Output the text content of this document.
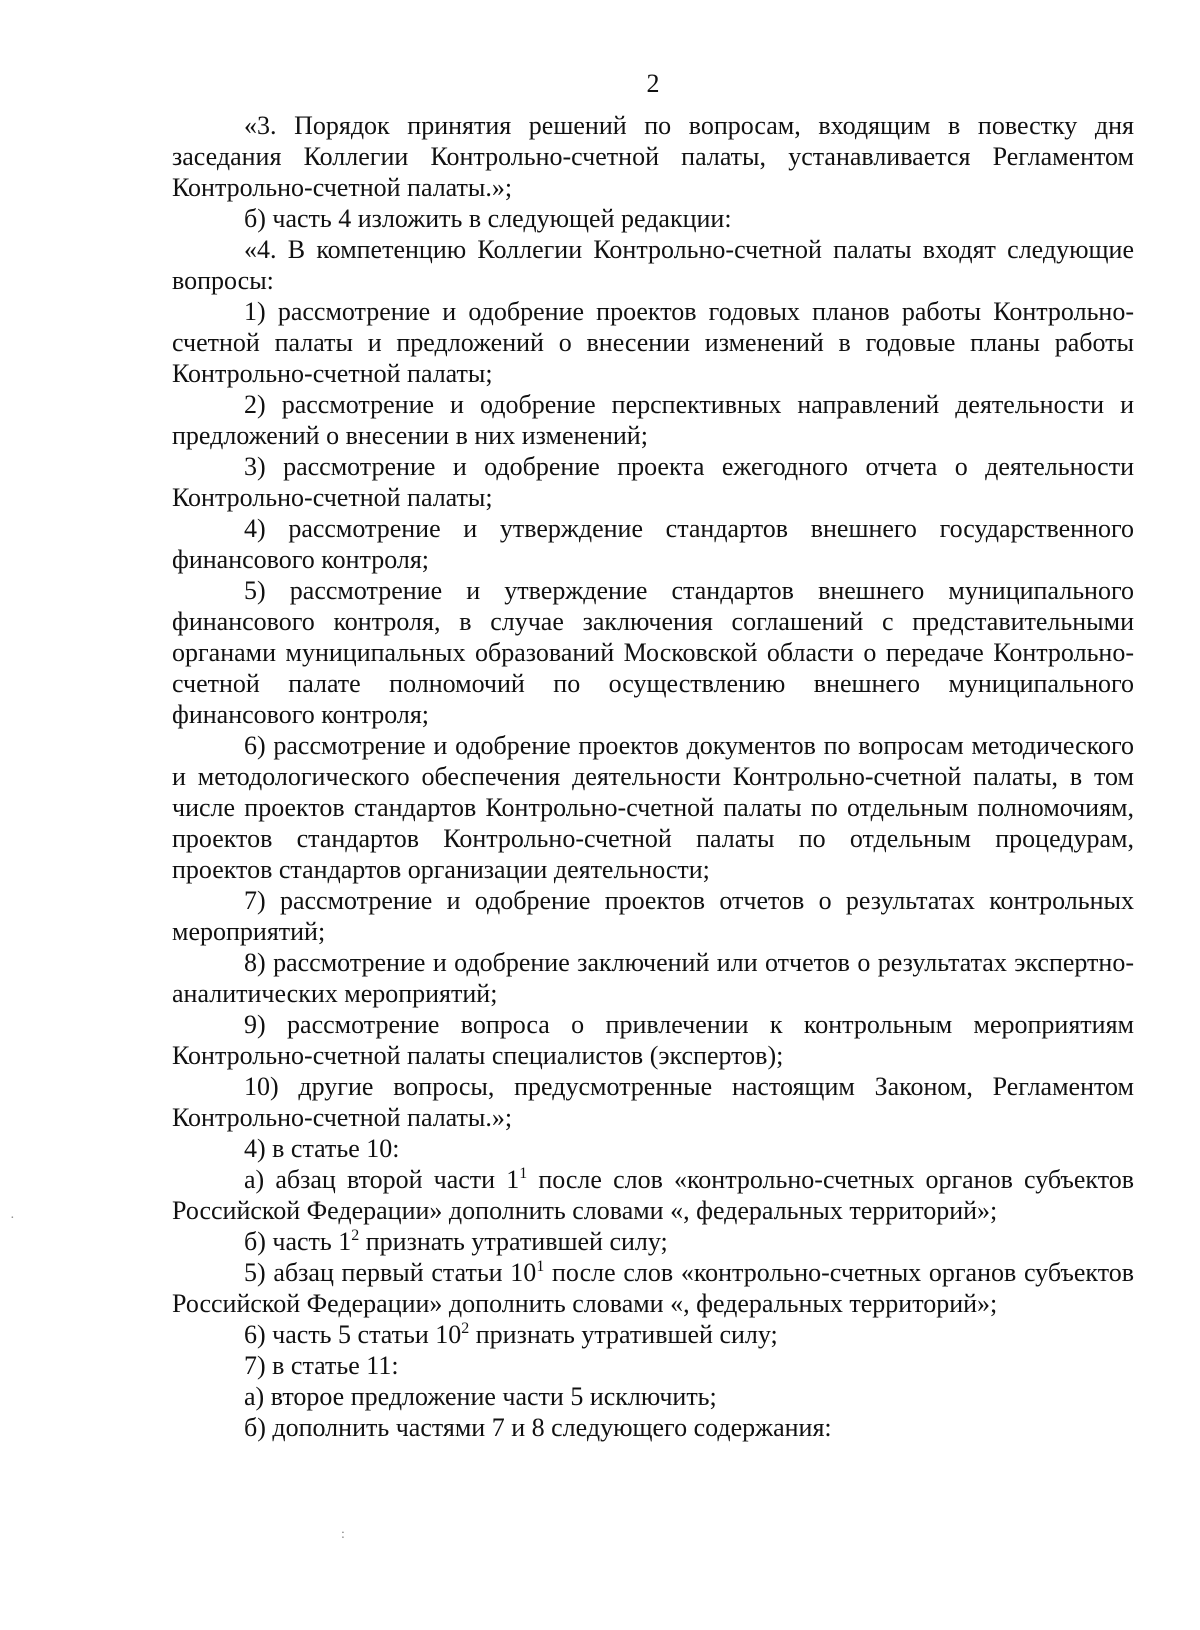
2

«3. Порядок принятия решений по вопросам, входящим в повестку дня заседания Коллегии Контрольно-счетной палаты, устанавливается Регламентом Контрольно-счетной палаты.»;

б) часть 4 изложить в следующей редакции:

«4. В компетенцию Коллегии Контрольно-счетной палаты входят следующие вопросы:

1) рассмотрение и одобрение проектов годовых планов работы Контрольно-счетной палаты и предложений о внесении изменений в годовые планы работы Контрольно-счетной палаты;

2) рассмотрение и одобрение перспективных направлений деятельности и предложений о внесении в них изменений;

3) рассмотрение и одобрение проекта ежегодного отчета о деятельности Контрольно-счетной палаты;

4) рассмотрение и утверждение стандартов внешнего государственного финансового контроля;

5) рассмотрение и утверждение стандартов внешнего муниципального финансового контроля, в случае заключения соглашений с представительными органами муниципальных образований Московской области о передаче Контрольно-счетной палате полномочий по осуществлению внешнего муниципального финансового контроля;

6) рассмотрение и одобрение проектов документов по вопросам методического и методологического обеспечения деятельности Контрольно-счетной палаты, в том числе проектов стандартов Контрольно-счетной палаты по отдельным полномочиям, проектов стандартов Контрольно-счетной палаты по отдельным процедурам, проектов стандартов организации деятельности;

7) рассмотрение и одобрение проектов отчетов о результатах контрольных мероприятий;

8) рассмотрение и одобрение заключений или отчетов о результатах экспертно-аналитических мероприятий;

9) рассмотрение вопроса о привлечении к контрольным мероприятиям Контрольно-счетной палаты специалистов (экспертов);

10) другие вопросы, предусмотренные настоящим Законом, Регламентом Контрольно-счетной палаты.»;

4) в статье 10:

а) абзац второй части $1^1$ после слов «контрольно-счетных органов субъектов Российской Федерации» дополнить словами «, федеральных территорий»;

б) часть $1^2$ признать утратившей силу;

5) абзац первый статьи $10^1$ после слов «контрольно-счетных органов субъектов Российской Федерации» дополнить словами «, федеральных территорий»;

6) часть 5 статьи $10^2$ признать утратившей силу;

7) в статье 11:

а) второе предложение части 5 исключить;

б) дополнить частями 7 и 8 следующего содержания:

·
:
